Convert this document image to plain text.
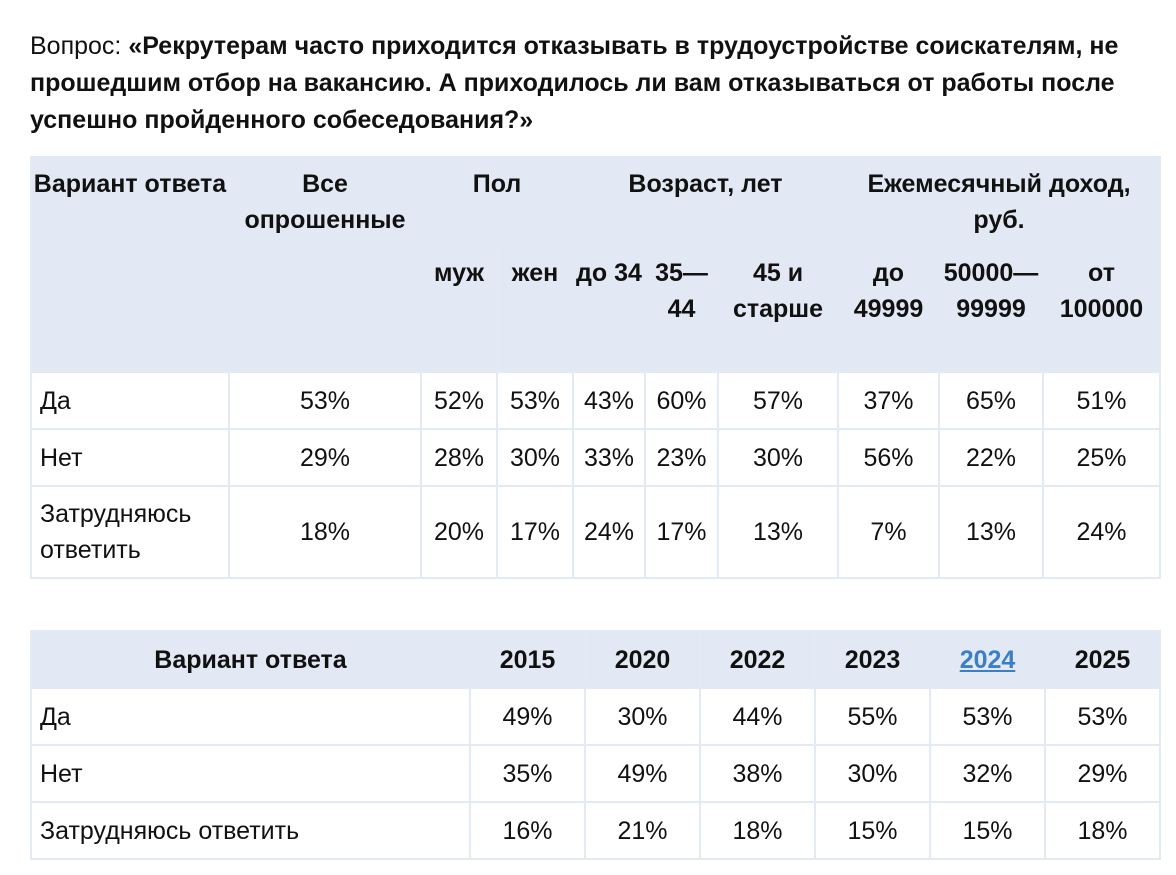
Вопрос: «Рекрутерам часто приходится отказывать в трудоустройстве соискателям, не прошедшим отбор на вакансию. А приходилось ли вам отказываться от работы после успешно пройденного собеседования?»

Вариант ответа	Все опрошенные	Пол		Возраст, лет			Ежемесячный доход, руб.		
		муж	жен	до 34	35—44	45 и старше	до 49999	50000—99999	от 100000
Да	53%	52%	53%	43%	60%	57%	37%	65%	51%
Нет	29%	28%	30%	33%	23%	30%	56%	22%	25%
Затрудняюсь ответить	18%	20%	17%	24%	17%	13%	7%	13%	24%
Вариант ответа	2015	2020	2022	2023	2024	2025
Да	49%	30%	44%	55%	53%	53%
Нет	35%	49%	38%	30%	32%	29%
Затрудняюсь ответить	16%	21%	18%	15%	15%	18%
